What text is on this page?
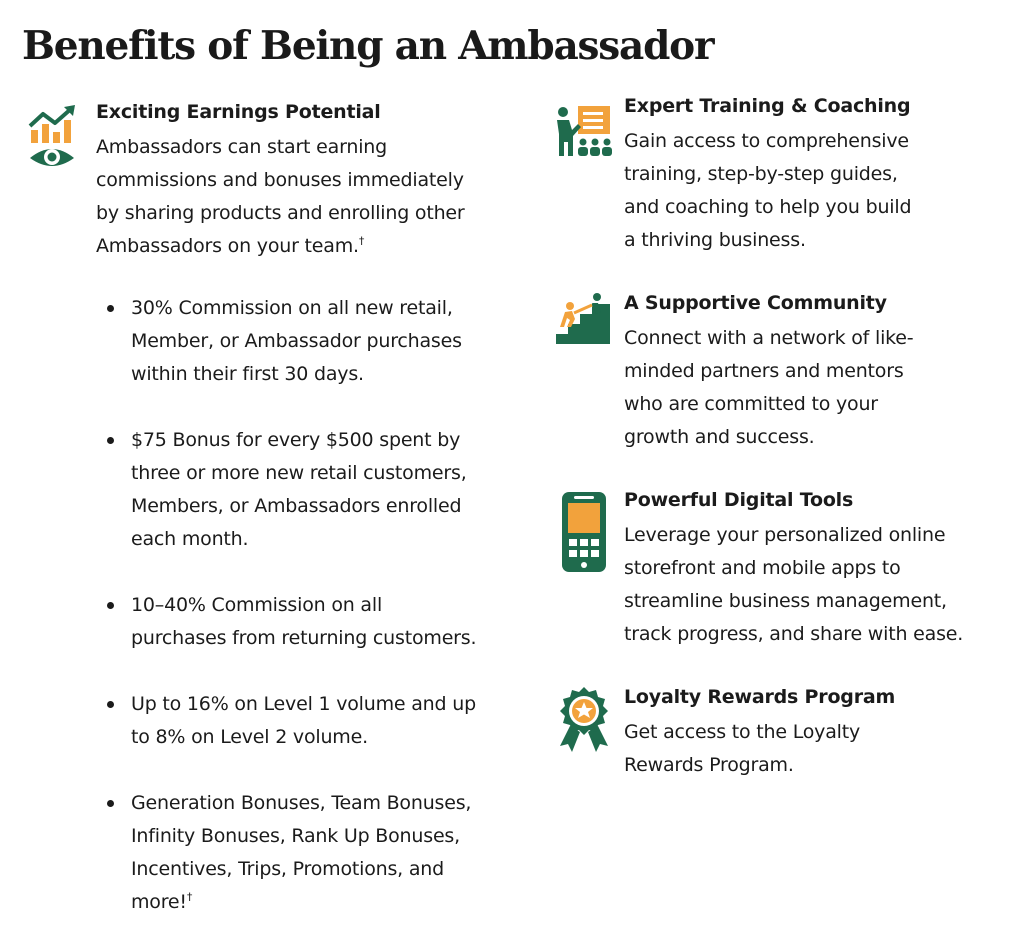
Benefits of Being an Ambassador
Exciting Earnings Potential
Ambassadors can start earning
commissions and bonuses immediately
by sharing products and enrolling other
Ambassadors on your team.†
30% Commission on all new retail,
Member, or Ambassador purchases
within their first 30 days.
$75 Bonus for every $500 spent by
three or more new retail customers,
Members, or Ambassadors enrolled
each month.
10–40% Commission on all
purchases from returning customers.
Up to 16% on Level 1 volume and up
to 8% on Level 2 volume.
Generation Bonuses, Team Bonuses,
Infinity Bonuses, Rank Up Bonuses,
Incentives, Trips, Promotions, and
more!†
Expert Training & Coaching
Gain access to comprehensive
training, step-by-step guides,
and coaching to help you build
a thriving business.
A Supportive Community
Connect with a network of like-
minded partners and mentors
who are committed to your
growth and success.
Powerful Digital Tools
Leverage your personalized online
storefront and mobile apps to
streamline business management,
track progress, and share with ease.
Loyalty Rewards Program
Get access to the Loyalty
Rewards Program.
